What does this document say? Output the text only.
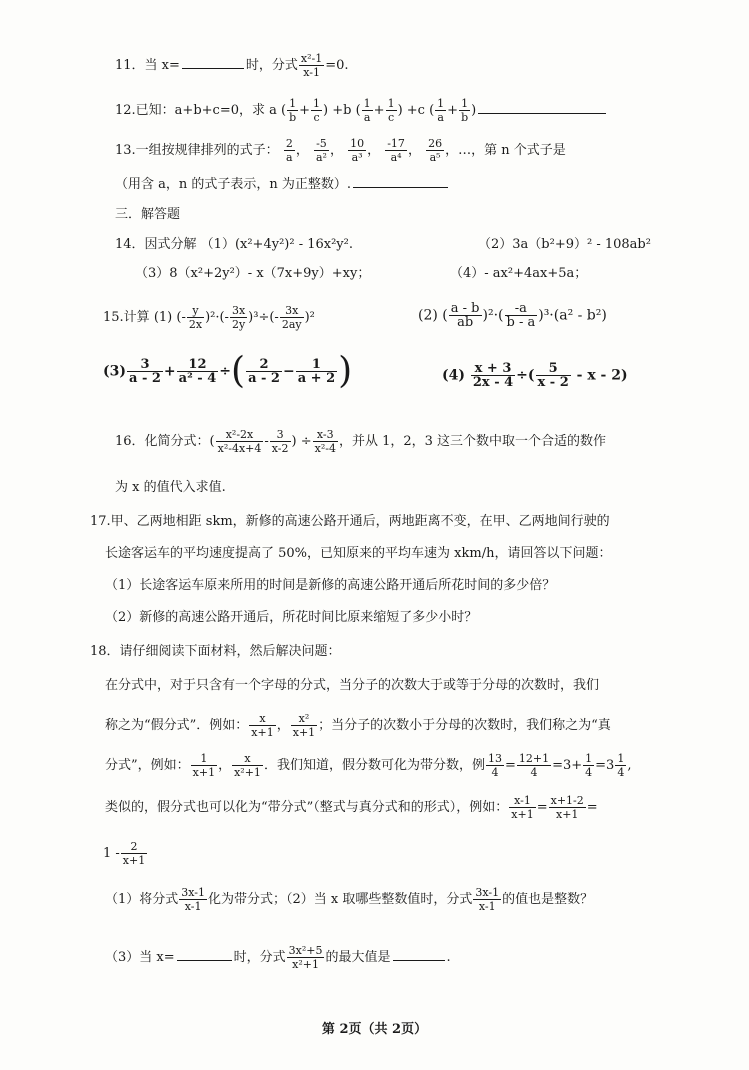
11．当 x=	时，分式 $\frac{\text{x²-1}}{x-1} =0$.
12.已知：a+b+c=0，求 a ( $\frac{1}{b} + \frac{1}{c}$ ) +b ( $\frac{1}{a} + \frac{1}{c}$ ) +c ( $\frac{1}{a} + \frac{1}{b}$ )
13.一组按规律排列的式子： $\frac{2}{a}$ ， $\frac{-5}{\text{a²}}$ ， $\frac{10}{\text{a³}}$ ， $\frac{-17}{\text{a⁴}}$ ， $\frac{26}{\text{a⁵}}$ ，…，第 n 个式子是
（用含 a，n 的式子表示，n 为正整数）.
三．解答题
14．因式分解 （1）(x²+4y²)² - 16x²y².	（2）3a（b²+9）² - 108ab²
（3）8（x²+2y²）- x（7x+9y）+xy；	（4）- ax²+4ax+5a；
15.计算 (1) (- $\frac{y}{2x} )^2\cdot(- \frac{3x}{2y} )^3\div(- \frac{3x}{2ay} )^2$	(2) ( $\frac{a - b}{ab} )^2\cdot( \frac{-a}{b - a} )^3\cdot(a^2 - b^2)$
$(3) \frac{3}{a - 2} + \frac{12}{\text{a² - 4}}$ ÷( $\frac{2}{a - 2} - \frac{1}{a + 2}$ )	$(4) \frac{x + 3}{2x - 4}$ ÷( $\frac{5}{x - 2}$ - x - 2)
16．化简分式：( $\frac{\text{x²-2x}}{\text{x²-4x+4}} - \frac{3}{x-2}$ ) ÷ $\frac{x-3}{\text{x²-4}}$ ，并从 1，2，3 这三个数中取一个合适的数作
为 x 的值代入求值.
17.甲、乙两地相距 skm，新修的高速公路开通后，两地距离不变，在甲、乙两地间行驶的
长途客运车的平均速度提高了 50%，已知原来的平均车速为 xkm/h，请回答以下问题：
（1）长途客运车原来所用的时间是新修的高速公路开通后所花时间的多少倍？
（2）新修的高速公路开通后，所花时间比原来缩短了多少小时？
18．请仔细阅读下面材料，然后解决问题：
在分式中，对于只含有一个字母的分式，当分子的次数大于或等于分母的次数时，我们
称之为“假分式”．例如： $\frac{x}{x+1}$ ， $\frac{\text{x²}}{x+1}$ ；当分子的次数小于分母的次数时，我们称之为“真
分式”，例如： $\frac{1}{x+1}$ ， $\frac{x}{\text{x²+1}}$ ．我们知道，假分数可化为带分数，例 $\frac{13}{4} = \frac{12+1}{4} =3+ \frac{1}{4} =3 \frac{1}{4}$ ,
类似的，假分式也可以化为“带分式”（整式与真分式和的形式），例如： $\frac{x-1}{x+1} = \frac{x+1-2}{x+1}$ =
$1 - \frac{2}{x+1}$
（1）将分式 $\frac{3x-1}{x-1}$ 化为带分式；（2）当 x 取哪些整数值时，分式 $\frac{3x-1}{x-1}$ 的值也是整数？
（3）当 x=	时，分式 $\frac{\text{3x²+5}}{\text{x²+1}}$ 的最大值是	.
第 2页（共 2页）
